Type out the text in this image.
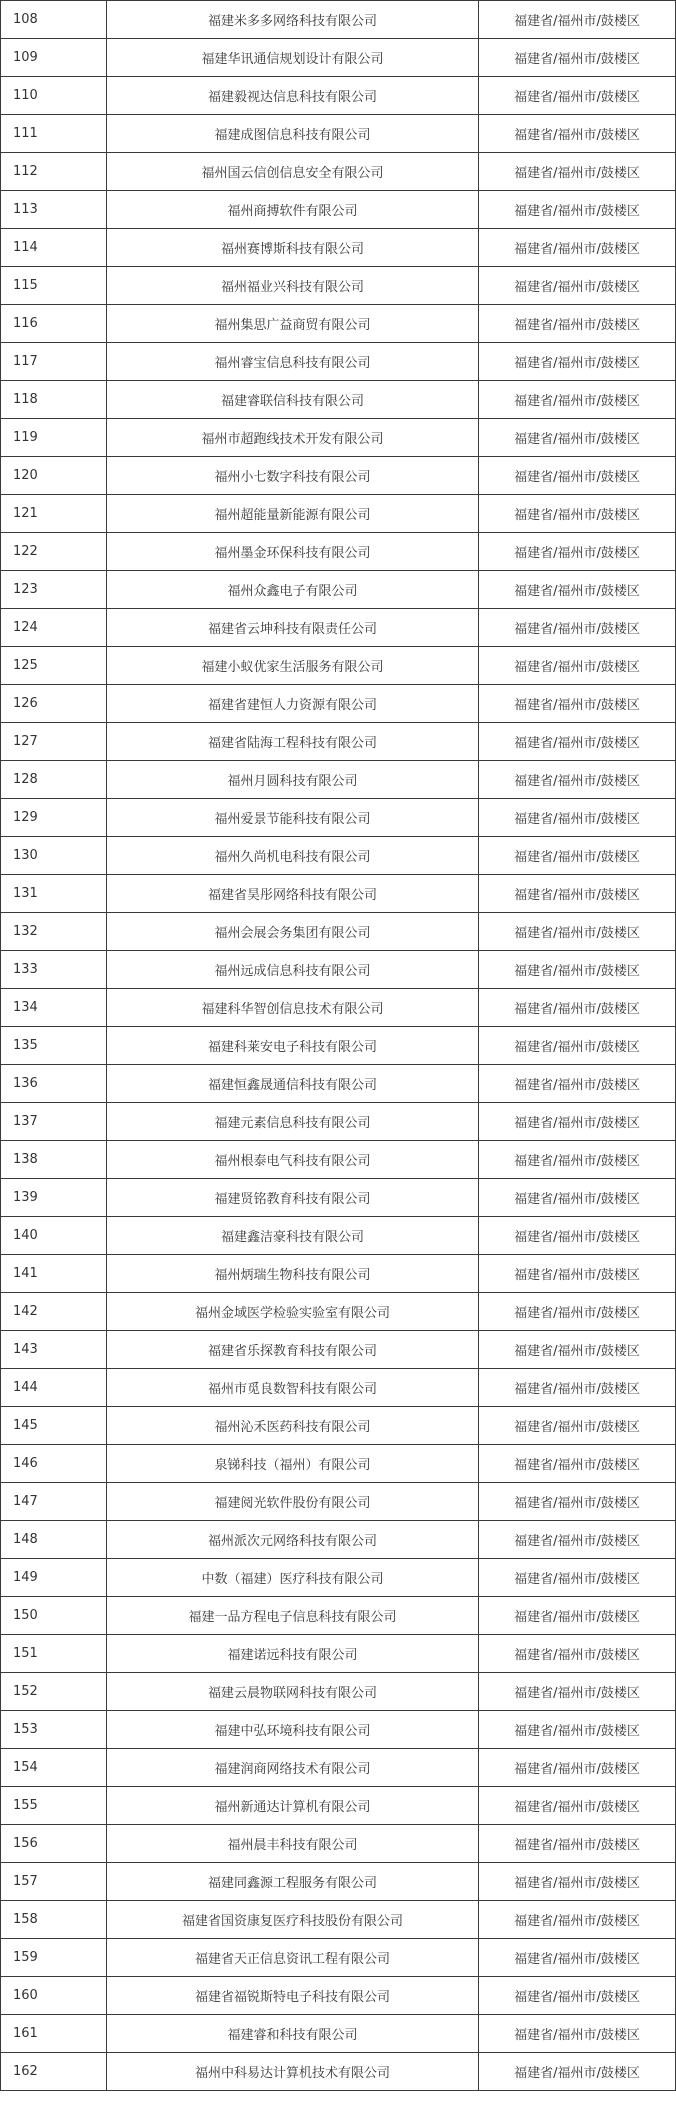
108	福建米多多网络科技有限公司	福建省/福州市/鼓楼区
109	福建华讯通信规划设计有限公司	福建省/福州市/鼓楼区
110	福建毅视达信息科技有限公司	福建省/福州市/鼓楼区
111	福建成图信息科技有限公司	福建省/福州市/鼓楼区
112	福州国云信创信息安全有限公司	福建省/福州市/鼓楼区
113	福州商搏软件有限公司	福建省/福州市/鼓楼区
114	福州赛博斯科技有限公司	福建省/福州市/鼓楼区
115	福州福业兴科技有限公司	福建省/福州市/鼓楼区
116	福州集思广益商贸有限公司	福建省/福州市/鼓楼区
117	福州睿宝信息科技有限公司	福建省/福州市/鼓楼区
118	福建睿联信科技有限公司	福建省/福州市/鼓楼区
119	福州市超跑线技术开发有限公司	福建省/福州市/鼓楼区
120	福州小七数字科技有限公司	福建省/福州市/鼓楼区
121	福州超能量新能源有限公司	福建省/福州市/鼓楼区
122	福州墨金环保科技有限公司	福建省/福州市/鼓楼区
123	福州众鑫电子有限公司	福建省/福州市/鼓楼区
124	福建省云坤科技有限责任公司	福建省/福州市/鼓楼区
125	福建小蚁优家生活服务有限公司	福建省/福州市/鼓楼区
126	福建省建恒人力资源有限公司	福建省/福州市/鼓楼区
127	福建省陆海工程科技有限公司	福建省/福州市/鼓楼区
128	福州月圆科技有限公司	福建省/福州市/鼓楼区
129	福州爱景节能科技有限公司	福建省/福州市/鼓楼区
130	福州久尚机电科技有限公司	福建省/福州市/鼓楼区
131	福建省昊彤网络科技有限公司	福建省/福州市/鼓楼区
132	福州会展会务集团有限公司	福建省/福州市/鼓楼区
133	福州远成信息科技有限公司	福建省/福州市/鼓楼区
134	福建科华智创信息技术有限公司	福建省/福州市/鼓楼区
135	福建科莱安电子科技有限公司	福建省/福州市/鼓楼区
136	福建恒鑫晟通信科技有限公司	福建省/福州市/鼓楼区
137	福建元素信息科技有限公司	福建省/福州市/鼓楼区
138	福州根泰电气科技有限公司	福建省/福州市/鼓楼区
139	福建贤铭教育科技有限公司	福建省/福州市/鼓楼区
140	福建鑫洁豪科技有限公司	福建省/福州市/鼓楼区
141	福州炳瑞生物科技有限公司	福建省/福州市/鼓楼区
142	福州金域医学检验实验室有限公司	福建省/福州市/鼓楼区
143	福建省乐探教育科技有限公司	福建省/福州市/鼓楼区
144	福州市觅良数智科技有限公司	福建省/福州市/鼓楼区
145	福州沁禾医药科技有限公司	福建省/福州市/鼓楼区
146	泉锑科技（福州）有限公司	福建省/福州市/鼓楼区
147	福建阅光软件股份有限公司	福建省/福州市/鼓楼区
148	福州派次元网络科技有限公司	福建省/福州市/鼓楼区
149	中数（福建）医疗科技有限公司	福建省/福州市/鼓楼区
150	福建一品方程电子信息科技有限公司	福建省/福州市/鼓楼区
151	福建诺远科技有限公司	福建省/福州市/鼓楼区
152	福建云晨物联网科技有限公司	福建省/福州市/鼓楼区
153	福建中弘环境科技有限公司	福建省/福州市/鼓楼区
154	福建润商网络技术有限公司	福建省/福州市/鼓楼区
155	福州新通达计算机有限公司	福建省/福州市/鼓楼区
156	福州晨丰科技有限公司	福建省/福州市/鼓楼区
157	福建同鑫源工程服务有限公司	福建省/福州市/鼓楼区
158	福建省国资康复医疗科技股份有限公司	福建省/福州市/鼓楼区
159	福建省天正信息资讯工程有限公司	福建省/福州市/鼓楼区
160	福建省福锐斯特电子科技有限公司	福建省/福州市/鼓楼区
161	福建睿和科技有限公司	福建省/福州市/鼓楼区
162	福州中科易达计算机技术有限公司	福建省/福州市/鼓楼区
